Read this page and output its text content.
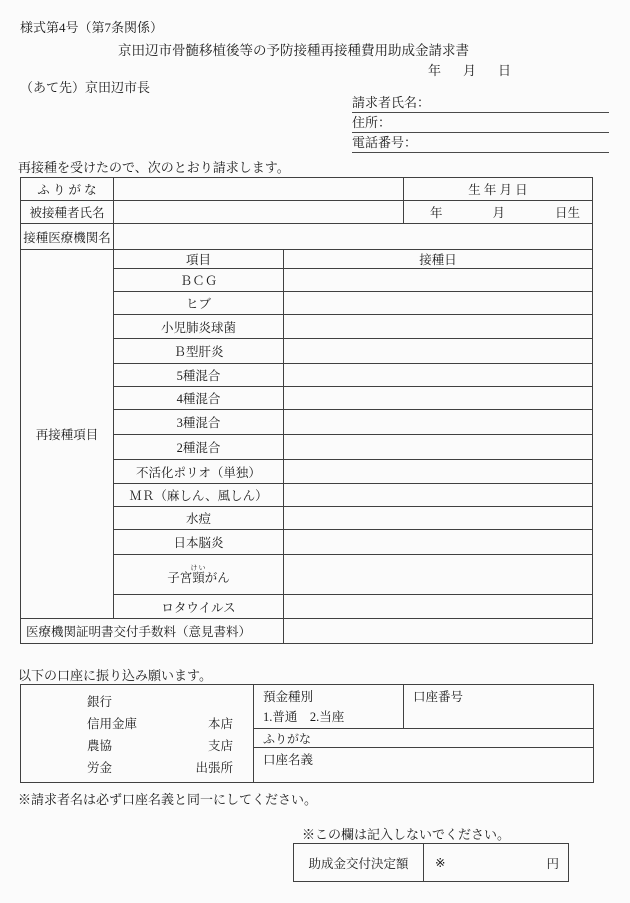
様式第4号（第7条関係）
京田辺市骨髄移植後等の予防接種再接種費用助成金請求書
年 月 日
（あて先）京田辺市長
請求者氏名：
住所：
電話番号：
再接種を受けたので、次のとおり請求します。
ふ り が な			生 年 月 日
被接種者氏名			年 月 日生

接種医療機関名			
再接種項目	項目	接種日	
	ＢＣＧ		
	ヒブ		
	小児肺炎球菌		
	Ｂ型肝炎		
	5種混合		
	4種混合		
	3種混合		
	2種混合		
	不活化ポリオ（単独）		
	ＭＲ（麻しん、風しん）		
	水痘		
	日本脳炎		
	子宮頸けいがん		
	ロタウイルス		
医療機関証明書交付手数料（意見書料）			
以下の口座に振り込み願います。
銀行
信用金庫	本店
農協	支店
労金	出張所

預金種別
1.普通　2.当座

口座番号

ふりがな

口座名義
※請求者名は必ず口座名義と同一にしてください。
※この欄は記入しないでください。
助成金交付決定額	※	円
